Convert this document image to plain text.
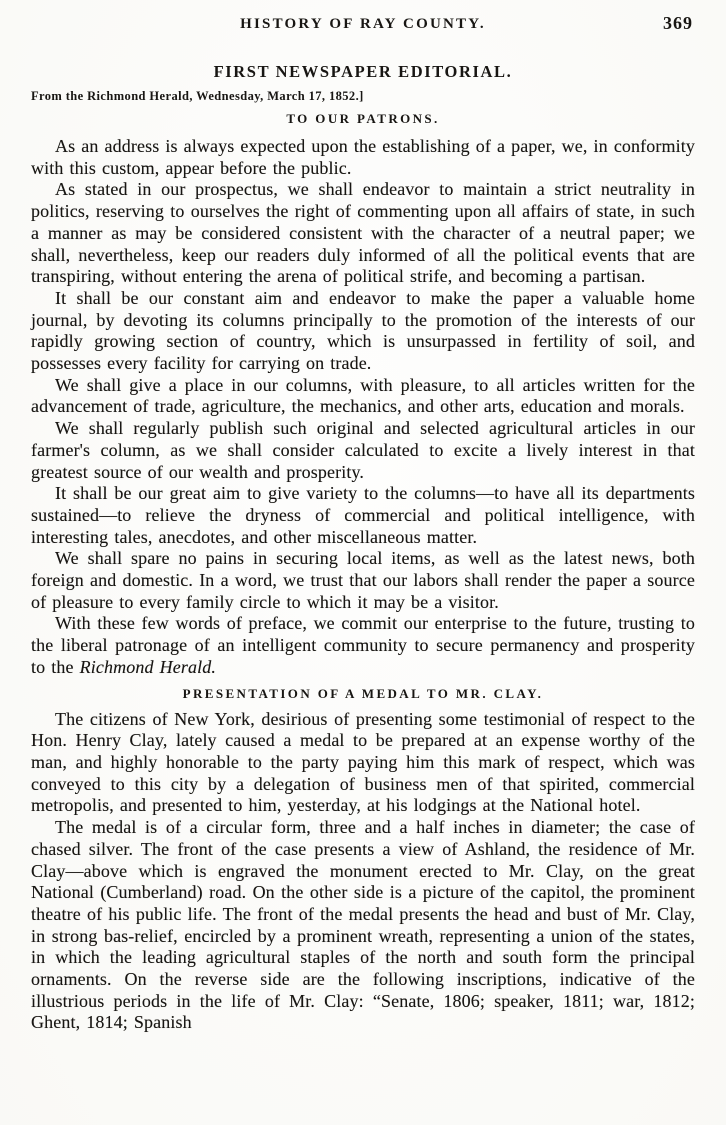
HISTORY OF RAY COUNTY.	369
FIRST NEWSPAPER EDITORIAL.
From the Richmond Herald, Wednesday, March 17, 1852.]
TO OUR PATRONS.

As an address is always expected upon the establishing of a paper, we, in conformity with this custom, appear before the public.

As stated in our prospectus, we shall endeavor to maintain a strict neutrality in politics, reserving to ourselves the right of commenting upon all affairs of state, in such a manner as may be considered consistent with the character of a neutral paper; we shall, nevertheless, keep our readers duly informed of all the political events that are transpiring, without entering the arena of political strife, and becoming a partisan.

It shall be our constant aim and endeavor to make the paper a valuable home journal, by devoting its columns principally to the promotion of the interests of our rapidly growing section of country, which is unsurpassed in fertility of soil, and possesses every facility for carrying on trade.

We shall give a place in our columns, with pleasure, to all articles written for the advancement of trade, agriculture, the mechanics, and other arts, education and morals.

We shall regularly publish such original and selected agricultural articles in our farmer's column, as we shall consider calculated to excite a lively interest in that greatest source of our wealth and prosperity.

It shall be our great aim to give variety to the columns—to have all its departments sustained—to relieve the dryness of commercial and political intelligence, with interesting tales, anecdotes, and other miscellaneous matter.

We shall spare no pains in securing local items, as well as the latest news, both foreign and domestic. In a word, we trust that our labors shall render the paper a source of pleasure to every family circle to which it may be a visitor.

With these few words of preface, we commit our enterprise to the future, trusting to the liberal patronage of an intelligent community to secure permanency and prosperity to the Richmond Herald.

PRESENTATION OF A MEDAL TO MR. CLAY.

The citizens of New York, desirious of presenting some testimonial of respect to the Hon. Henry Clay, lately caused a medal to be prepared at an expense worthy of the man, and highly honorable to the party paying him this mark of respect, which was conveyed to this city by a delegation of business men of that spirited, commercial metropolis, and presented to him, yesterday, at his lodgings at the National hotel.

The medal is of a circular form, three and a half inches in diameter; the case of chased silver. The front of the case presents a view of Ashland, the residence of Mr. Clay—above which is engraved the monument erected to Mr. Clay, on the great National (Cumberland) road. On the other side is a picture of the capitol, the prominent theatre of his public life. The front of the medal presents the head and bust of Mr. Clay, in strong bas-relief, encircled by a prominent wreath, representing a union of the states, in which the leading agricultural staples of the north and south form the principal ornaments. On the reverse side are the following inscriptions, indicative of the illustrious periods in the life of Mr. Clay: “Senate, 1806; speaker, 1811; war, 1812; Ghent, 1814; Spanish
